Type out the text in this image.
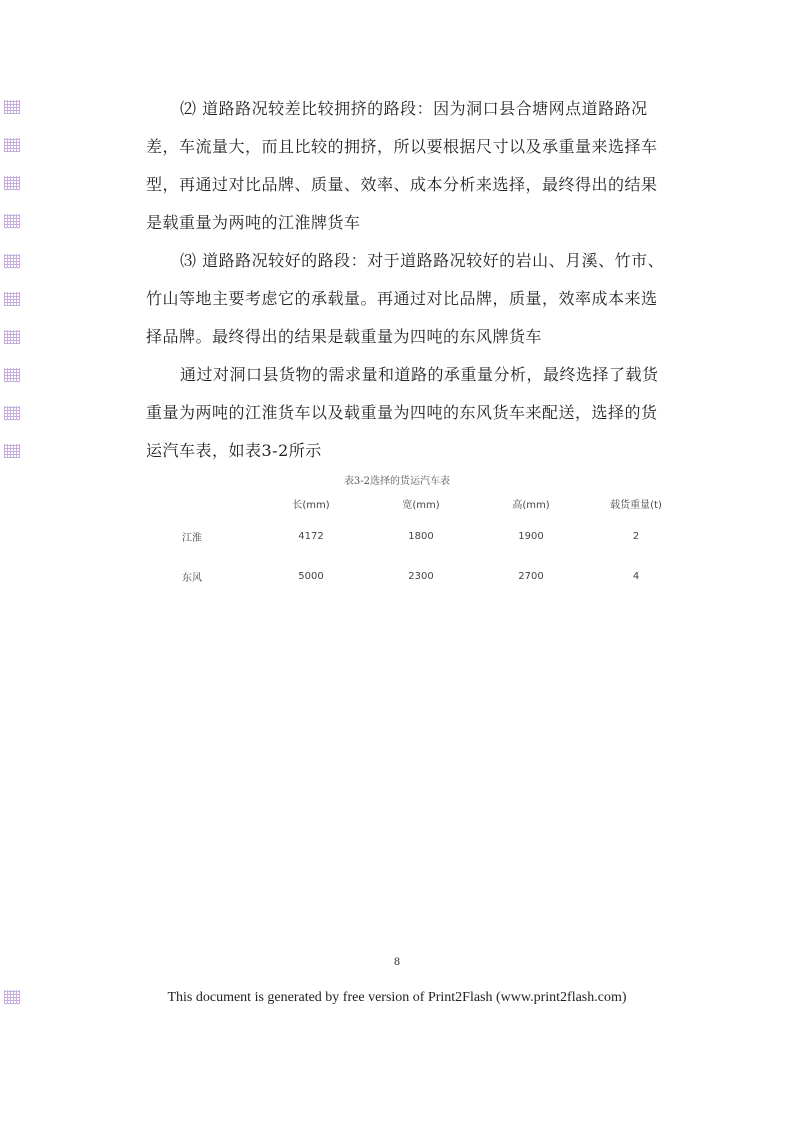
⑵ 道路路况较差比较拥挤的路段：因为洞口县合塘网点道路路况差，车流量大，而且比较的拥挤，所以要根据尺寸以及承重量来选择车型，再通过对比品牌、质量、效率、成本分析来选择，最终得出的结果是载重量为两吨的江淮牌货车

⑶ 道路路况较好的路段：对于道路路况较好的岩山、月溪、竹市、竹山等地主要考虑它的承载量。再通过对比品牌，质量，效率成本来选择品牌。最终得出的结果是载重量为四吨的东风牌货车

通过对洞口县货物的需求量和道路的承重量分析，最终选择了载货重量为两吨的江淮货车以及载重量为四吨的东风货车来配送，选择的货运汽车表，如表3-2所示

表3-2选择的货运汽车表
	长(mm)	宽(mm)	高(mm)	载货重量(t)
江淮	4172	1800	1900	2
东风	5000	2300	2700	4
8
This document is generated by free version of Print2Flash (www.print2flash.com)
